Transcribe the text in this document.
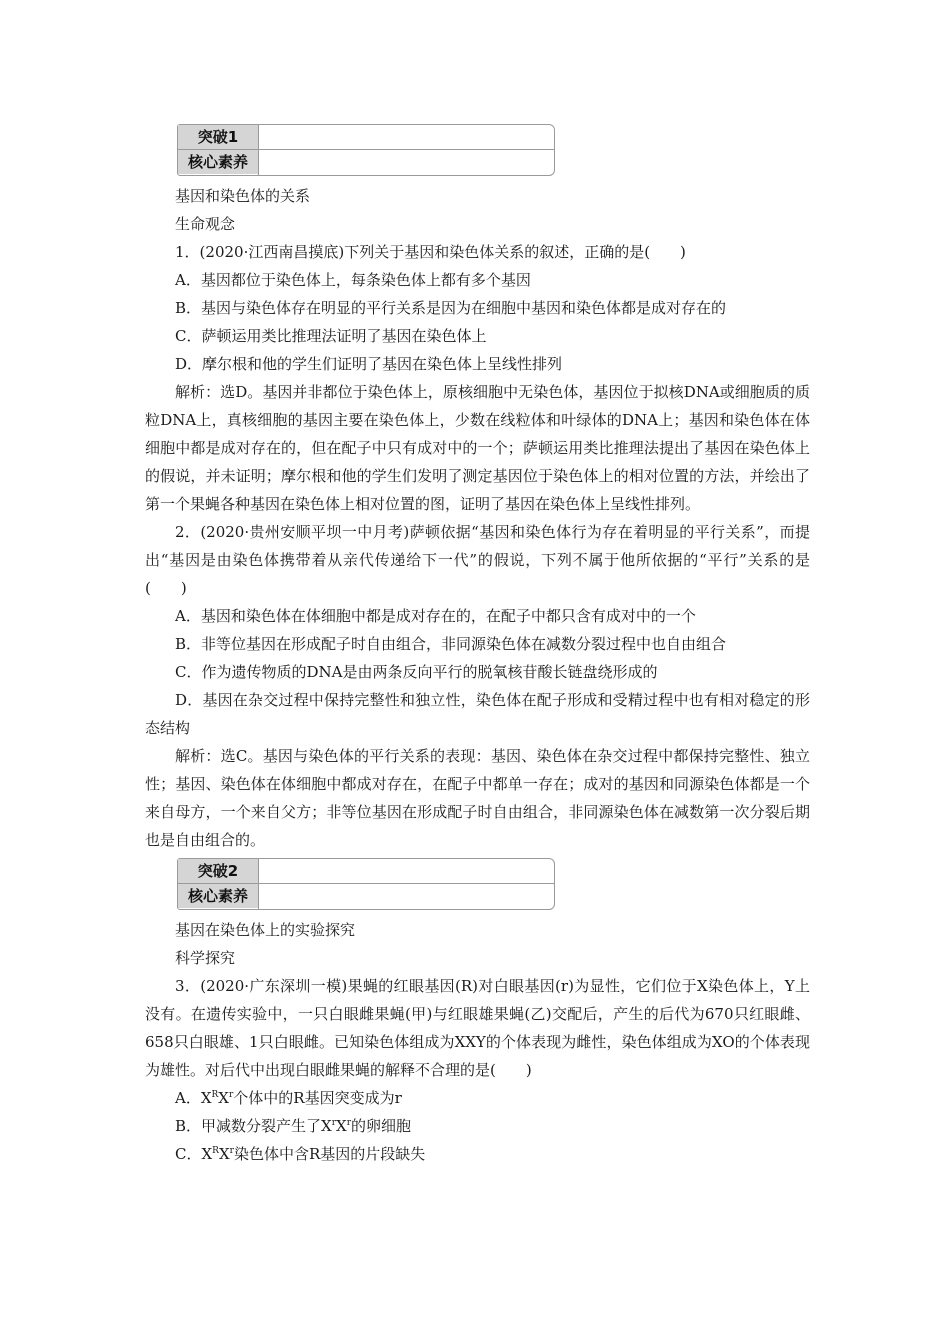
突破1
核心素养
基因和染色体的关系
生命观念
1．(2020·江西南昌摸底)下列关于基因和染色体关系的叙述，正确的是(　　)
A．基因都位于染色体上，每条染色体上都有多个基因
B．基因与染色体存在明显的平行关系是因为在细胞中基因和染色体都是成对存在的
C．萨顿运用类比推理法证明了基因在染色体上
D．摩尔根和他的学生们证明了基因在染色体上呈线性排列
解析：选D。基因并非都位于染色体上，原核细胞中无染色体，基因位于拟核DNA或细胞质的质粒DNA上，真核细胞的基因主要在染色体上，少数在线粒体和叶绿体的DNA上；基因和染色体在体细胞中都是成对存在的，但在配子中只有成对中的一个；萨顿运用类比推理法提出了基因在染色体上的假说，并未证明；摩尔根和他的学生们发明了测定基因位于染色体上的相对位置的方法，并绘出了第一个果蝇各种基因在染色体上相对位置的图，证明了基因在染色体上呈线性排列。
2．(2020·贵州安顺平坝一中月考)萨顿依据“基因和染色体行为存在着明显的平行关系”，而提出“基因是由染色体携带着从亲代传递给下一代”的假说，下列不属于他所依据的“平行”关系的是(　　)
A．基因和染色体在体细胞中都是成对存在的，在配子中都只含有成对中的一个
B．非等位基因在形成配子时自由组合，非同源染色体在减数分裂过程中也自由组合
C．作为遗传物质的DNA是由两条反向平行的脱氧核苷酸长链盘绕形成的
D．基因在杂交过程中保持完整性和独立性，染色体在配子形成和受精过程中也有相对稳定的形态结构
解析：选C。基因与染色体的平行关系的表现：基因、染色体在杂交过程中都保持完整性、独立性；基因、染色体在体细胞中都成对存在，在配子中都单一存在；成对的基因和同源染色体都是一个来自母方，一个来自父方；非等位基因在形成配子时自由组合，非同源染色体在减数第一次分裂后期也是自由组合的。
突破2
核心素养
基因在染色体上的实验探究
科学探究
3．(2020·广东深圳一模)果蝇的红眼基因(R)对白眼基因(r)为显性，它们位于X染色体上，Y上没有。在遗传实验中，一只白眼雌果蝇(甲)与红眼雄果蝇(乙)交配后，产生的后代为670只红眼雌、658只白眼雄、1只白眼雌。已知染色体组成为XXY的个体表现为雌性，染色体组成为XO的个体表现为雄性。对后代中出现白眼雌果蝇的解释不合理的是(　　)
A．$X^RX^r$个体中的R基因突变成为r
B．甲减数分裂产生了$X^rX^r$的卵细胞
C．$X^RX^r$染色体中含R基因的片段缺失
